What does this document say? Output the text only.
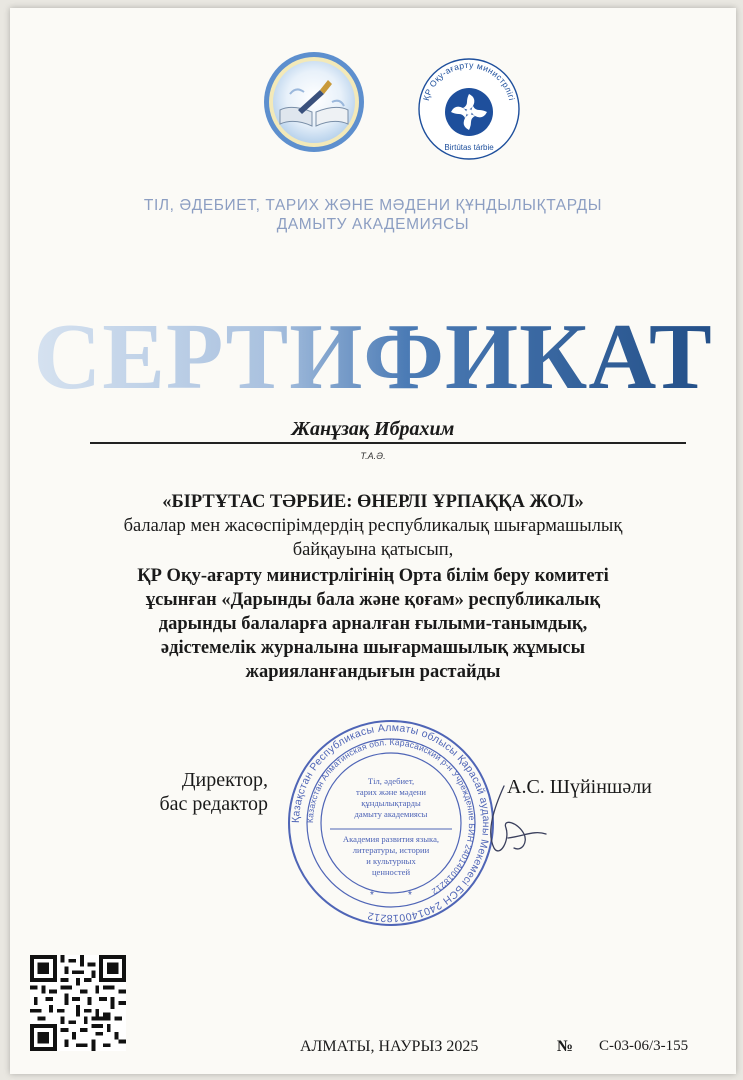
ҚР Оқу-ағарту министрлігі
Birtútas tárbie
ТІЛ, ӘДЕБИЕТ, ТАРИХ ЖӘНЕ МӘДЕНИ ҚҰНДЫЛЫҚТАРДЫ
ДАМЫТУ АКАДЕМИЯСЫ
СЕРТИФИКАТ
Жанұзақ Ибрахим
Т.А.Ә.
«БІРТҰТАС ТӘРБИЕ: ӨНЕРЛІ ҰРПАҚҚА ЖОЛ»
балалар мен жасөспірімдердің республикалық шығармашылық
байқауына қатысып,
ҚР Оқу-ағарту министрлігінің Орта білім беру комитеті
ұсынған «Дарынды бала және қоғам» республикалық
дарынды балаларға арналған ғылыми-танымдық,
әдістемелік журналына шығармашылық жұмысы
жарияланғандығын растайды
Директор,
бас редактор
Қазақстан Республикасы Алматы облысы Қарасай ауданы Мекемесі БСН 240140018212
Казахстан Алматинская обл. Карасайский р-н Учреждение БИН 240140018212
Тіл, әдебиет,
тарих және мәдени
құндылықтарды
дамыту академиясы
Академия развития языка,
литературы, истории
и культурных
ценностей
*	*
А.С. Шүйіншәли
АЛМАТЫ, НАУРЫЗ 2025	№ С-03-06/3-155
